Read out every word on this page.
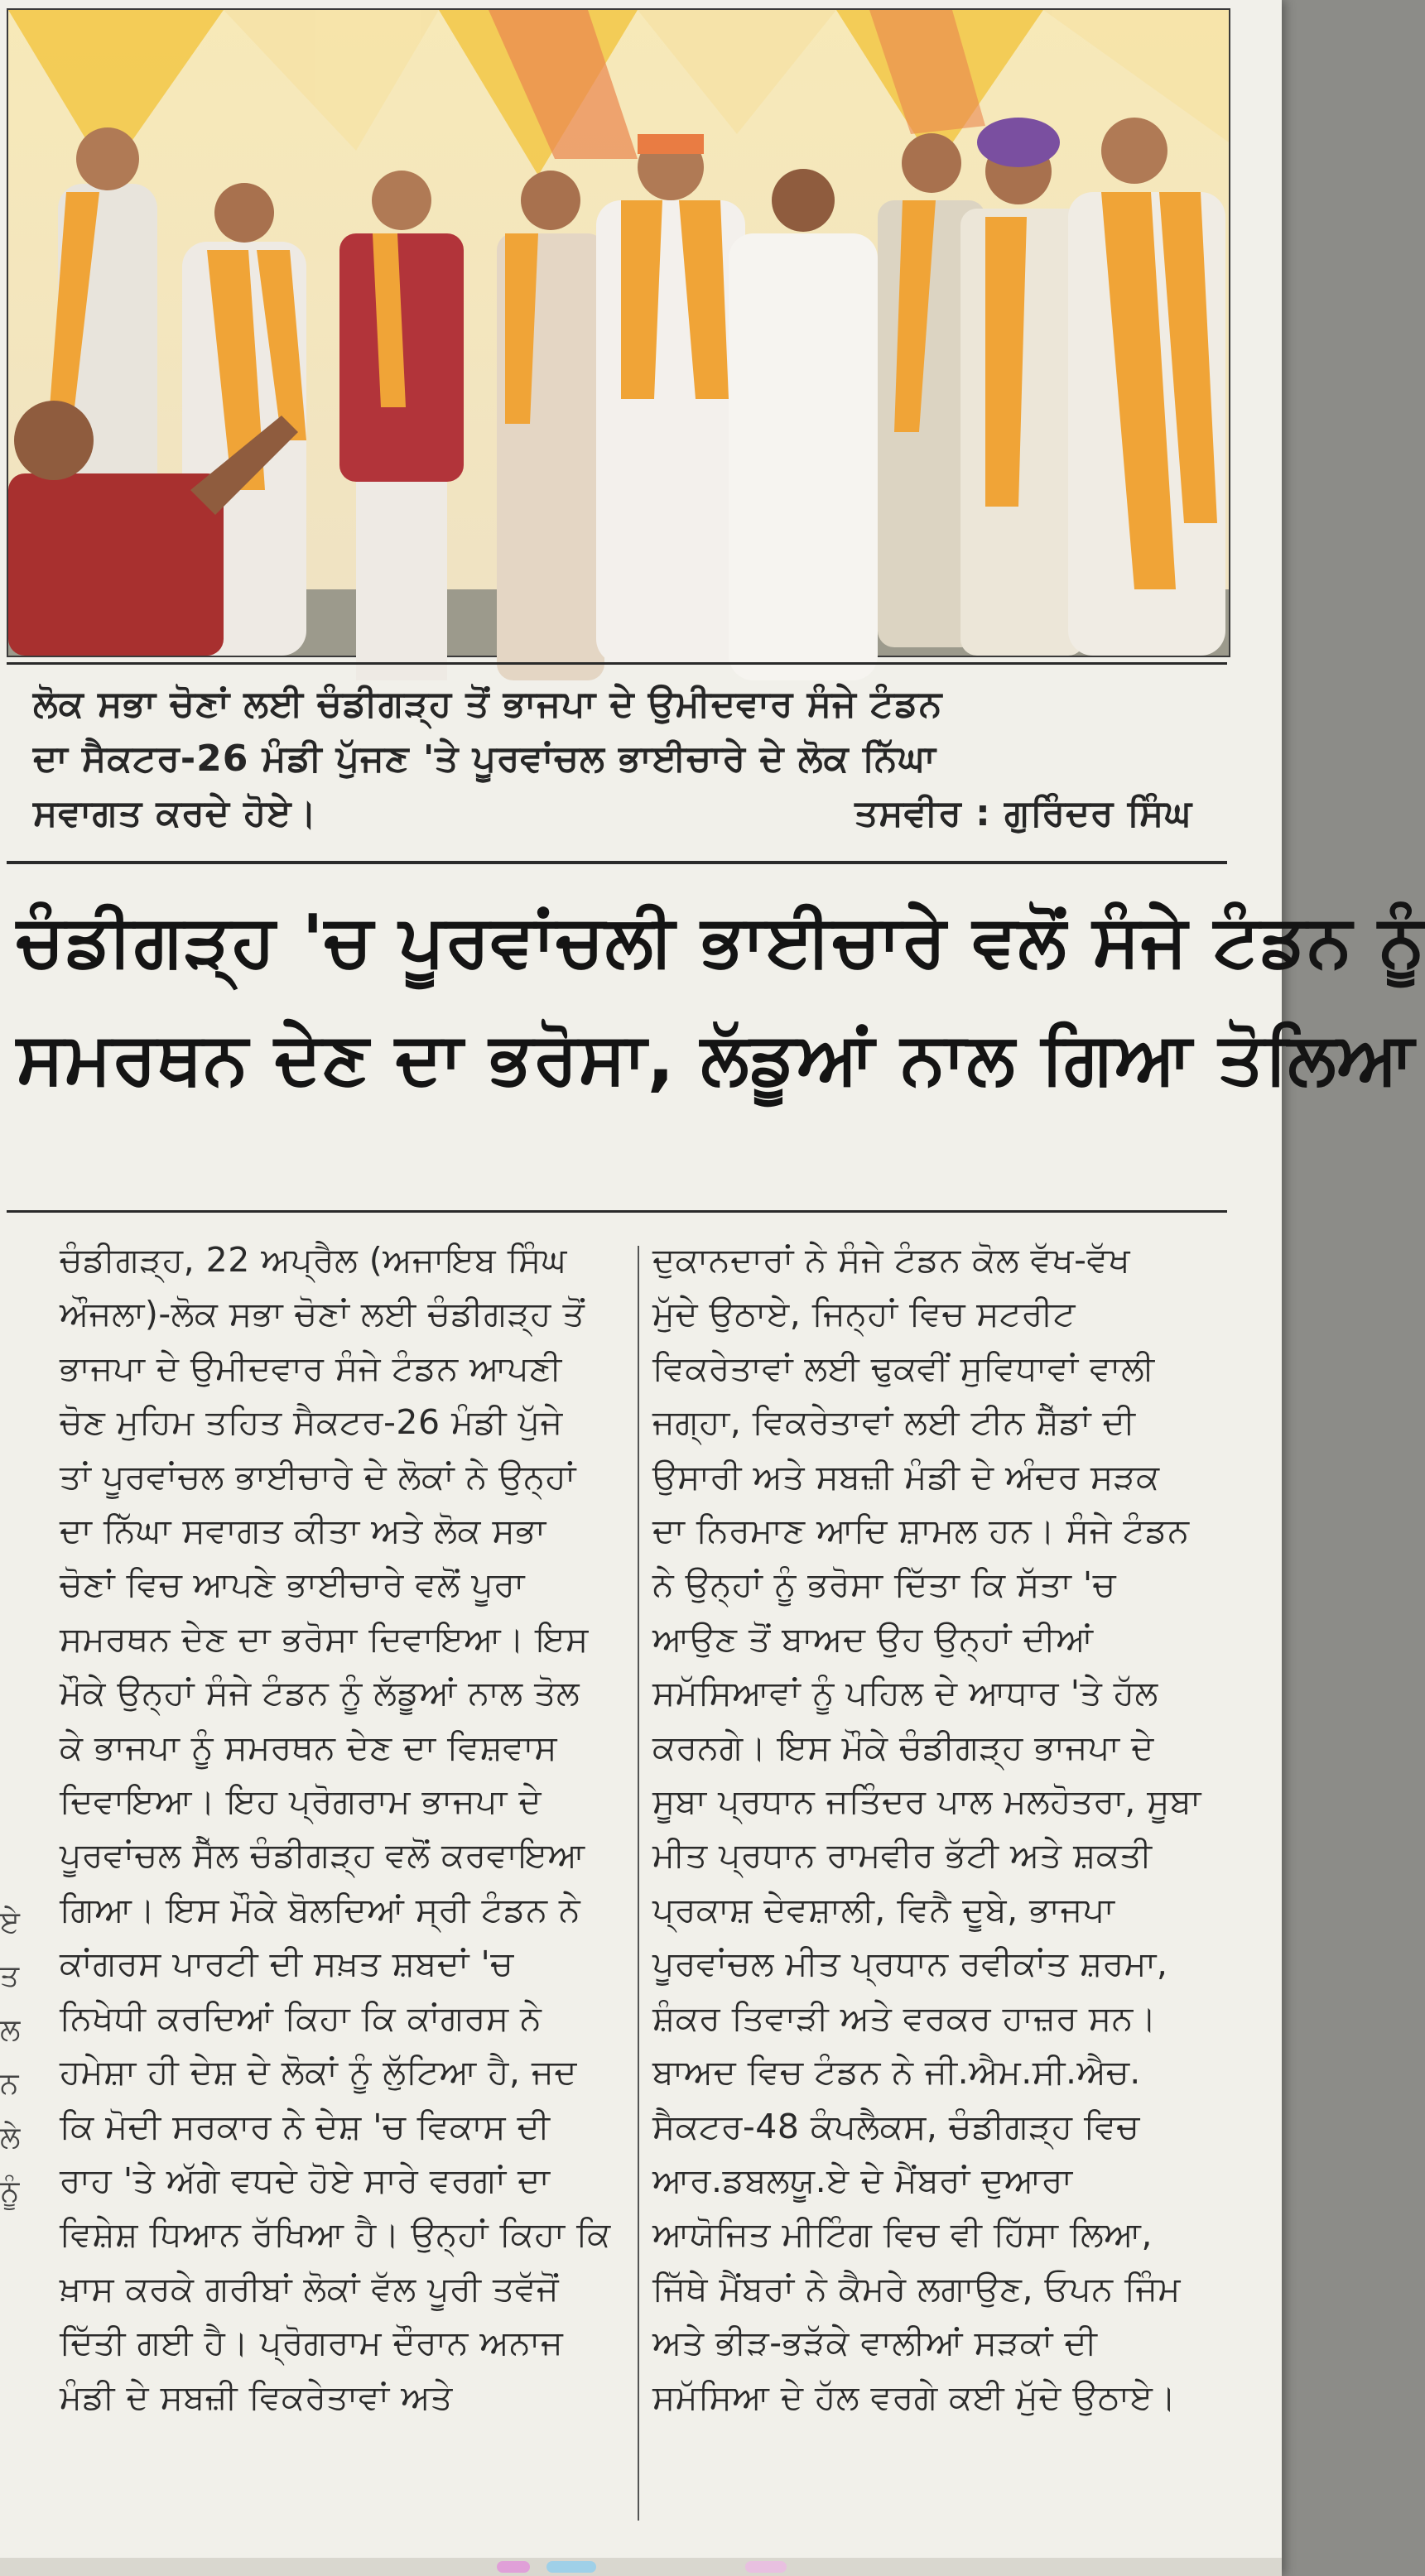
ਲੋਕ ਸਭਾ ਚੋਣਾਂ ਲਈ ਚੰਡੀਗੜ੍ਹ ਤੋਂ ਭਾਜਪਾ ਦੇ ਉਮੀਦਵਾਰ ਸੰਜੇ ਟੰਡਨ
ਦਾ ਸੈਕਟਰ-26 ਮੰਡੀ ਪੁੱਜਣ 'ਤੇ ਪੂਰਵਾਂਚਲ ਭਾਈਚਾਰੇ ਦੇ ਲੋਕ ਨਿੱਘਾ
ਸਵਾਗਤ ਕਰਦੇ ਹੋਏ।	ਤਸਵੀਰ : ਗੁਰਿੰਦਰ ਸਿੰਘ
ਚੰਡੀਗੜ੍ਹ 'ਚ ਪੂਰਵਾਂਚਲੀ ਭਾਈਚਾਰੇ ਵਲੋਂ ਸੰਜੇ ਟੰਡਨ ਨੂੰ
ਸਮਰਥਨ ਦੇਣ ਦਾ ਭਰੋਸਾ, ਲੱਡੂਆਂ ਨਾਲ ਗਿਆ ਤੋਲਿਆ
ਚੰਡੀਗੜ੍ਹ, 22 ਅਪ੍ਰੈਲ (ਅਜਾਇਬ ਸਿੰਘ
ਔਜਲਾ)-ਲੋਕ ਸਭਾ ਚੋਣਾਂ ਲਈ ਚੰਡੀਗੜ੍ਹ ਤੋਂ
ਭਾਜਪਾ ਦੇ ਉਮੀਦਵਾਰ ਸੰਜੇ ਟੰਡਨ ਆਪਣੀ
ਚੋਣ ਮੁਹਿਮ ਤਹਿਤ ਸੈਕਟਰ-26 ਮੰਡੀ ਪੁੱਜੇ
ਤਾਂ ਪੂਰਵਾਂਚਲ ਭਾਈਚਾਰੇ ਦੇ ਲੋਕਾਂ ਨੇ ਉਨ੍ਹਾਂ
ਦਾ ਨਿੱਘਾ ਸਵਾਗਤ ਕੀਤਾ ਅਤੇ ਲੋਕ ਸਭਾ
ਚੋਣਾਂ ਵਿਚ ਆਪਣੇ ਭਾਈਚਾਰੇ ਵਲੋਂ ਪੂਰਾ
ਸਮਰਥਨ ਦੇਣ ਦਾ ਭਰੋਸਾ ਦਿਵਾਇਆ। ਇਸ
ਮੌਕੇ ਉਨ੍ਹਾਂ ਸੰਜੇ ਟੰਡਨ ਨੂੰ ਲੱਡੂਆਂ ਨਾਲ ਤੋਲ
ਕੇ ਭਾਜਪਾ ਨੂੰ ਸਮਰਥਨ ਦੇਣ ਦਾ ਵਿਸ਼ਵਾਸ
ਦਿਵਾਇਆ। ਇਹ ਪ੍ਰੋਗਰਾਮ ਭਾਜਪਾ ਦੇ
ਪੂਰਵਾਂਚਲ ਸੈੱਲ ਚੰਡੀਗੜ੍ਹ ਵਲੋਂ ਕਰਵਾਇਆ
ਗਿਆ। ਇਸ ਮੌਕੇ ਬੋਲਦਿਆਂ ਸ੍ਰੀ ਟੰਡਨ ਨੇ
ਕਾਂਗਰਸ ਪਾਰਟੀ ਦੀ ਸਖ਼ਤ ਸ਼ਬਦਾਂ 'ਚ
ਨਿਖੇਧੀ ਕਰਦਿਆਂ ਕਿਹਾ ਕਿ ਕਾਂਗਰਸ ਨੇ
ਹਮੇਸ਼ਾ ਹੀ ਦੇਸ਼ ਦੇ ਲੋਕਾਂ ਨੂੰ ਲੁੱਟਿਆ ਹੈ, ਜਦ
ਕਿ ਮੋਦੀ ਸਰਕਾਰ ਨੇ ਦੇਸ਼ 'ਚ ਵਿਕਾਸ ਦੀ
ਰਾਹ 'ਤੇ ਅੱਗੇ ਵਧਦੇ ਹੋਏ ਸਾਰੇ ਵਰਗਾਂ ਦਾ
ਵਿਸ਼ੇਸ਼ ਧਿਆਨ ਰੱਖਿਆ ਹੈ। ਉਨ੍ਹਾਂ ਕਿਹਾ ਕਿ
ਖ਼ਾਸ ਕਰਕੇ ਗਰੀਬਾਂ ਲੋਕਾਂ ਵੱਲ ਪੂਰੀ ਤਵੱਜੋਂ
ਦਿੱਤੀ ਗਈ ਹੈ। ਪ੍ਰੋਗਰਾਮ ਦੌਰਾਨ ਅਨਾਜ
ਮੰਡੀ ਦੇ ਸਬਜ਼ੀ ਵਿਕਰੇਤਾਵਾਂ ਅਤੇ
ਦੁਕਾਨਦਾਰਾਂ ਨੇ ਸੰਜੇ ਟੰਡਨ ਕੋਲ ਵੱਖ-ਵੱਖ
ਮੁੱਦੇ ਉਠਾਏ, ਜਿਨ੍ਹਾਂ ਵਿਚ ਸਟਰੀਟ
ਵਿਕਰੇਤਾਵਾਂ ਲਈ ਢੁਕਵੀਂ ਸੁਵਿਧਾਵਾਂ ਵਾਲੀ
ਜਗ੍ਹਾ, ਵਿਕਰੇਤਾਵਾਂ ਲਈ ਟੀਨ ਸ਼ੈੱਡਾਂ ਦੀ
ਉਸਾਰੀ ਅਤੇ ਸਬਜ਼ੀ ਮੰਡੀ ਦੇ ਅੰਦਰ ਸੜਕ
ਦਾ ਨਿਰਮਾਣ ਆਦਿ ਸ਼ਾਮਲ ਹਨ। ਸੰਜੇ ਟੰਡਨ
ਨੇ ਉਨ੍ਹਾਂ ਨੂੰ ਭਰੋਸਾ ਦਿੱਤਾ ਕਿ ਸੱਤਾ 'ਚ
ਆਉਣ ਤੋਂ ਬਾਅਦ ਉਹ ਉਨ੍ਹਾਂ ਦੀਆਂ
ਸਮੱਸਿਆਵਾਂ ਨੂੰ ਪਹਿਲ ਦੇ ਆਧਾਰ 'ਤੇ ਹੱਲ
ਕਰਨਗੇ। ਇਸ ਮੌਕੇ ਚੰਡੀਗੜ੍ਹ ਭਾਜਪਾ ਦੇ
ਸੂਬਾ ਪ੍ਰਧਾਨ ਜਤਿੰਦਰ ਪਾਲ ਮਲਹੋਤਰਾ, ਸੂਬਾ
ਮੀਤ ਪ੍ਰਧਾਨ ਰਾਮਵੀਰ ਭੱਟੀ ਅਤੇ ਸ਼ਕਤੀ
ਪ੍ਰਕਾਸ਼ ਦੇਵਸ਼ਾਲੀ, ਵਿਨੈ ਦੂਬੇ, ਭਾਜਪਾ
ਪੂਰਵਾਂਚਲ ਮੀਤ ਪ੍ਰਧਾਨ ਰਵੀਕਾਂਤ ਸ਼ਰਮਾ,
ਸ਼ੰਕਰ ਤਿਵਾੜੀ ਅਤੇ ਵਰਕਰ ਹਾਜ਼ਰ ਸਨ।
ਬਾਅਦ ਵਿਚ ਟੰਡਨ ਨੇ ਜੀ.ਐਮ.ਸੀ.ਐਚ.
ਸੈਕਟਰ-48 ਕੰਪਲੈਕਸ, ਚੰਡੀਗੜ੍ਹ ਵਿਚ
ਆਰ.ਡਬਲਯੂ.ਏ ਦੇ ਮੈਂਬਰਾਂ ਦੁਆਰਾ
ਆਯੋਜਿਤ ਮੀਟਿੰਗ ਵਿਚ ਵੀ ਹਿੱਸਾ ਲਿਆ,
ਜਿੱਥੇ ਮੈਂਬਰਾਂ ਨੇ ਕੈਮਰੇ ਲਗਾਉਣ, ਓਪਨ ਜਿੰਮ
ਅਤੇ ਭੀੜ-ਭੜੱਕੇ ਵਾਲੀਆਂ ਸੜਕਾਂ ਦੀ
ਸਮੱਸਿਆ ਦੇ ਹੱਲ ਵਰਗੇ ਕਈ ਮੁੱਦੇ ਉਠਾਏ।
ਏ
ਤ
ਲ
ਨ
ਲੇ
ਨੂੰ
